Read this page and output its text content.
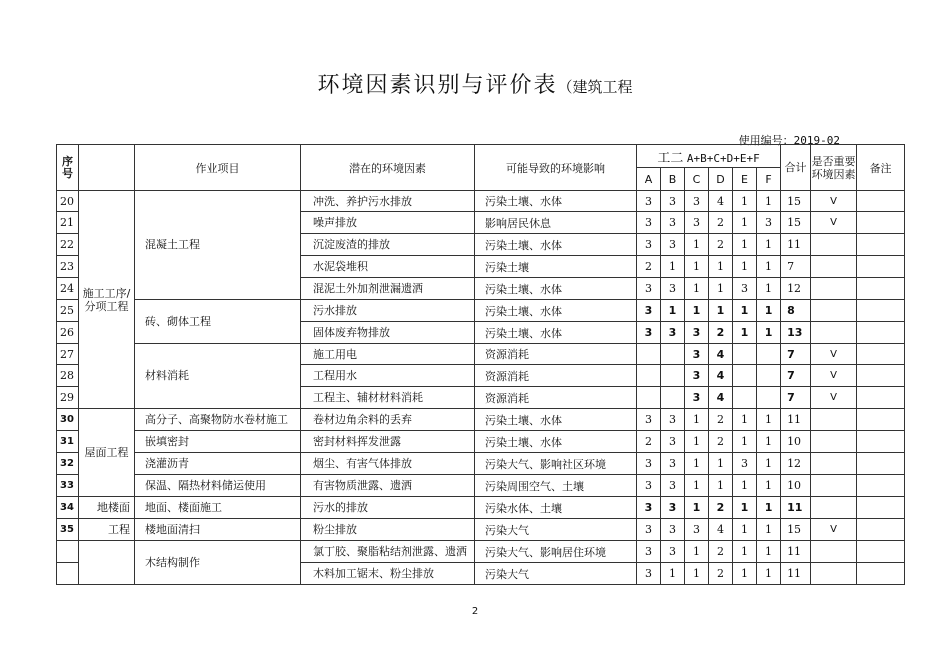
环境因素识别与评价表（建筑工程
使用编号：2019-02
序号		作业项目	潜在的环境因素	可能导致的环境影响	工二 A+B+C+D+E+F						合计	是否重要环境因素	备注
					A	B	C	D	E	F			
20	施工工序/分项工程	混凝土工程	冲洗、养护污水排放	污染土壤、水体	3	3	3	4	1	1	15	V	
21			噪声排放	影响居民休息	3	3	3	2	1	3	15	V	
22			沉淀废渣的排放	污染土壤、水体	3	3	1	2	1	1	11		
23			水泥袋堆积	污染土壤	2	1	1	1	1	1	7		
24			混泥土外加剂泄漏遗洒	污染土壤、水体	3	3	1	1	3	1	12		
25		砖、砌体工程	污水排放	污染土壤、水体	3	1	1	1	1	1	8		
26			固体废弃物排放	污染土壤、水体	3	3	3	2	1	1	13		
27		材料消耗	施工用电	资源消耗			3	4			7	V	
28			工程用水	资源消耗			3	4			7	V	
29			工程主、辅材材料消耗	资源消耗			3	4			7	V	
30	屋面工程	高分子、高聚物防水卷材施工	卷材边角余料的丢弃	污染土壤、水体	3	3	1	2	1	1	11		
31		嵌填密封	密封材料挥发泄露	污染土壤、水体	2	3	1	2	1	1	10		
32		浇灌沥青	烟尘、有害气体排放	污染大气、影响社区环境	3	3	1	1	3	1	12		
33		保温、隔热材料储运使用	有害物质泄露、遗洒	污染周围空气、土壤	3	3	1	1	1	1	10		
34	地楼面	地面、楼面施工	污水的排放	污染水体、土壤	3	3	1	2	1	1	11		
35	工程	楼地面清扫	粉尘排放	污染大气	3	3	3	4	1	1	15	V	
		木结构制作	氯丁胶、聚脂粘结剂泄露、遗洒	污染大气、影响居住环境	3	3	1	2	1	1	11		
			木料加工锯末、粉尘排放	污染大气	3	1	1	2	1	1	11		
2
